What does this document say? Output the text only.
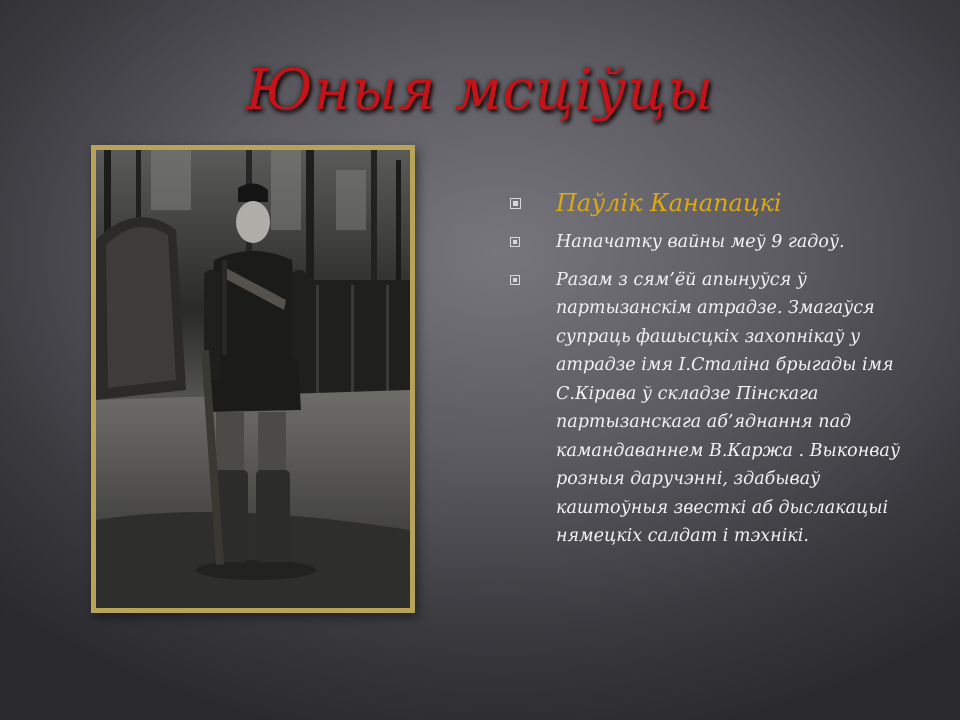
Юныя мсціўцы
Паўлік Канапацкі
Напачатку вайны меў 9 гадоў.
Разам з сям’ёй апынуўся ў партызанскім атрадзе. Змагаўся супраць фашысцкіх захопнікаў у атрадзе імя І.Сталіна брыгады імя С.Кірава ў складзе Пінскага партызанскага аб’яднання пад камандаваннем В.Каржа . Выконваў розныя даручэнні, здабываў каштоўныя звесткі аб дыслакацыі нямецкіх салдат і тэхнікі.
